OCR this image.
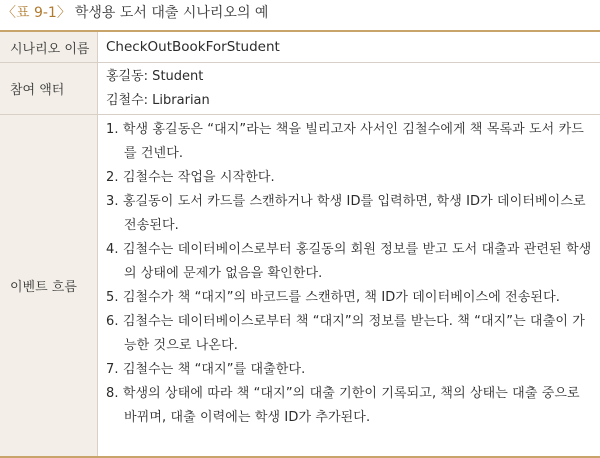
〈표 9-1〉 학생용 도서 대출 시나리오의 예
시나리오 이름	CheckOutBookForStudent
참여 액터
홍길동: Student
김철수: Librarian
이벤트 흐름
1. 학생 홍길동은 “대지”라는 책을 빌리고자 사서인 김철수에게 책 목록과 도서 카드를 건넨다.
2. 김철수는 작업을 시작한다.
3. 홍길동이 도서 카드를 스캔하거나 학생 ID를 입력하면, 학생 ID가 데이터베이스로 전송된다.
4. 김철수는 데이터베이스로부터 홍길동의 회원 정보를 받고 도서 대출과 관련된 학생의 상태에 문제가 없음을 확인한다.
5. 김철수가 책 “대지”의 바코드를 스캔하면, 책 ID가 데이터베이스에 전송된다.
6. 김철수는 데이터베이스로부터 책 “대지”의 정보를 받는다. 책 “대지”는 대출이 가능한 것으로 나온다.
7. 김철수는 책 “대지”를 대출한다.
8. 학생의 상태에 따라 책 “대지”의 대출 기한이 기록되고, 책의 상태는 대출 중으로 바뀌며, 대출 이력에는 학생 ID가 추가된다.
